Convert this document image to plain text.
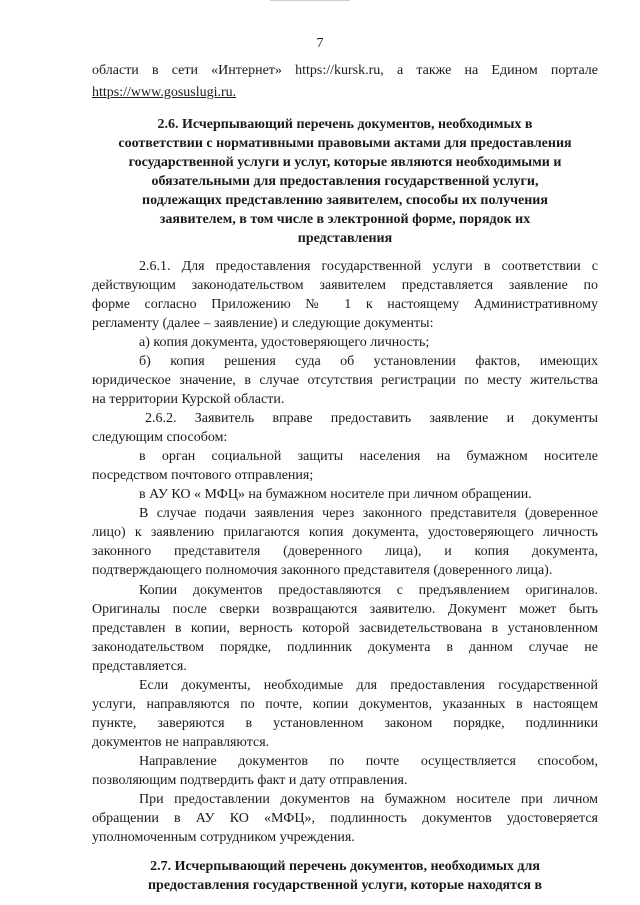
7
области в сети «Интернет» https://kursk.ru, а также на Едином портале
https://www.gosuslugi.ru.
2.6. Исчерпывающий перечень документов, необходимых в
соответствии с нормативными правовыми актами для предоставления
государственной услуги и услуг, которые являются необходимыми и
обязательными для предоставления государственной услуги,
подлежащих представлению заявителем, способы их получения
заявителем, в том числе в электронной форме, порядок их
представления
2.6.1. Для предоставления государственной услуги в соответствии с
действующим законодательством заявителем представляется заявление по
форме согласно Приложению № 1 к настоящему Административному
регламенту (далее – заявление) и следующие документы:
а) копия документа, удостоверяющего личность;
б) копия решения суда об установлении фактов, имеющих
юридическое значение, в случае отсутствия регистрации по месту жительства
на территории Курской области.
2.6.2. Заявитель вправе предоставить заявление и документы
следующим способом:
в орган социальной защиты населения на бумажном носителе
посредством почтового отправления;
в АУ КО « МФЦ» на бумажном носителе при личном обращении.
В случае подачи заявления через законного представителя (доверенное
лицо) к заявлению прилагаются копия документа, удостоверяющего личность
законного представителя (доверенного лица), и копия документа,
подтверждающего полномочия законного представителя (доверенного лица).
Копии документов предоставляются с предъявлением оригиналов.
Оригиналы после сверки возвращаются заявителю. Документ может быть
представлен в копии, верность которой засвидетельствована в установленном
законодательством порядке, подлинник документа в данном случае не
представляется.
Если документы, необходимые для предоставления государственной
услуги, направляются по почте, копии документов, указанных в настоящем
пункте, заверяются в установленном законом порядке, подлинники
документов не направляются.
Направление документов по почте осуществляется способом,
позволяющим подтвердить факт и дату отправления.
При предоставлении документов на бумажном носителе при личном
обращении в АУ КО «МФЦ», подлинность документов удостоверяется
уполномоченным сотрудником учреждения.
2.7. Исчерпывающий перечень документов, необходимых для
предоставления государственной услуги, которые находятся в
